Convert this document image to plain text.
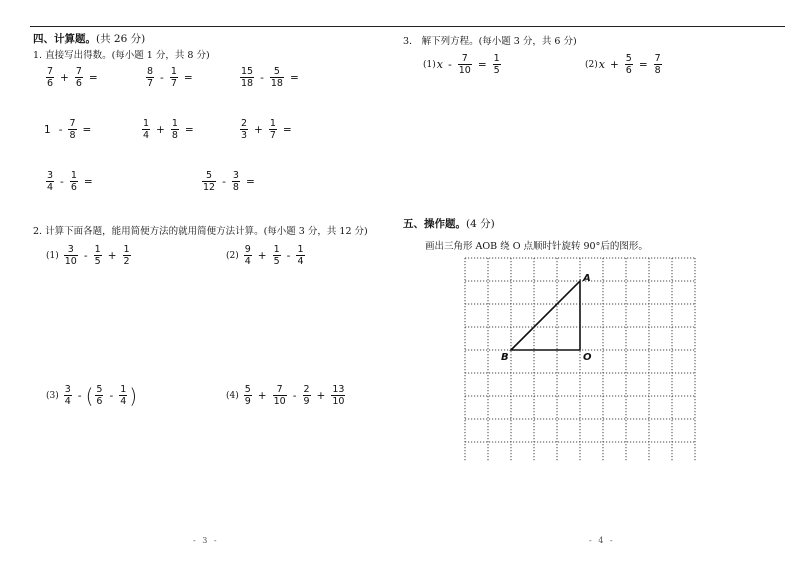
四、计算题。(共 26 分)
1. 直接写出得数。(每小题 1 分，共 8 分)
$\frac{7}{6} + \frac{7}{6}$ =	$\frac{8}{7} - \frac{1}{7}$ =	$\frac{15}{18} - \frac{5}{18}$ =
$1 - \frac{7}{8}$ =	$\frac{1}{4} + \frac{1}{8}$ =	$\frac{2}{3} + \frac{1}{7}$ =
$\frac{3}{4} - \frac{1}{6}$ =	$\frac{5}{12} - \frac{3}{8}$ =
2. 计算下面各题，能用简便方法的就用简便方法计算。(每小题 3 分，共 12 分)
$(1) \frac{3}{10} - \frac{1}{5} + \frac{1}{2}$	$(2) \frac{9}{4} + \frac{1}{5} - \frac{1}{4}$
$(3) \frac{3}{4}$ - ( $\frac{5}{6} - \frac{1}{4}$ )	$(4) \frac{5}{9} + \frac{7}{10} - \frac{2}{9} + \frac{13}{10}$
3.　解下列方程。(每小题 3 分，共 6 分)
(1) $x - \frac{7}{10} = \frac{1}{5}$	(2) $x + \frac{5}{6} = \frac{7}{8}$
五、操作题。(4 分)
画出三角形 AOB 绕 O 点顺时针旋转 90°后的图形。
A
B	O
- 3 -	- 4 -
